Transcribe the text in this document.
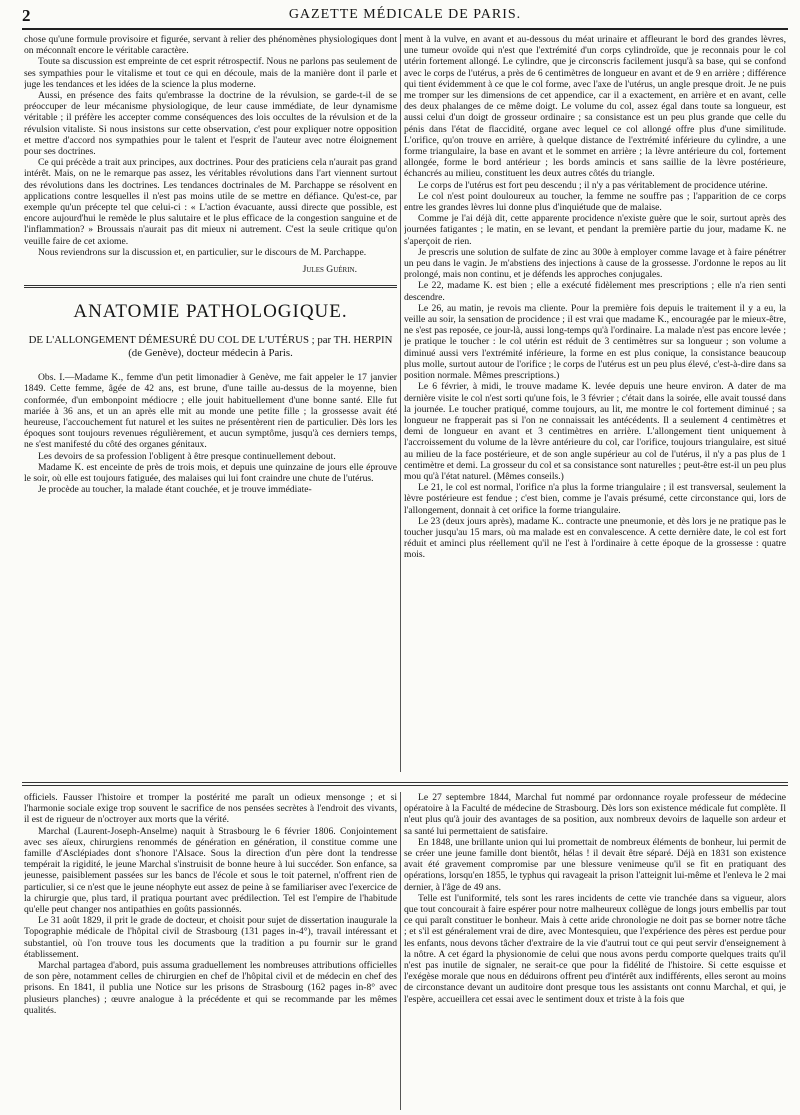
2	GAZETTE MÉDICALE DE PARIS.

chose qu'une formule provisoire et figurée, servant à relier des phénomènes physiologiques dont on méconnaît encore le véritable caractère.

Toute sa discussion est empreinte de cet esprit rétrospectif. Nous ne parlons pas seulement de ses sympathies pour le vitalisme et tout ce qui en découle, mais de la manière dont il parle et juge les tendances et les idées de la science la plus moderne.

Aussi, en présence des faits qu'embrasse la doctrine de la révulsion, se garde-t-il de se préoccuper de leur mécanisme physiologique, de leur cause immédiate, de leur dynamisme véritable ; il préfère les accepter comme conséquences des lois occultes de la révulsion et de la révulsion vitaliste. Si nous insistons sur cette observation, c'est pour expliquer notre opposition et mettre d'accord nos sympathies pour le talent et l'esprit de l'auteur avec notre éloignement pour ses doctrines.

Ce qui précède a trait aux principes, aux doctrines. Pour des praticiens cela n'aurait pas grand intérêt. Mais, on ne le remarque pas assez, les véritables révolutions dans l'art viennent surtout des révolutions dans les doctrines. Les tendances doctrinales de M. Parchappe se résolvent en applications contre lesquelles il n'est pas moins utile de se mettre en défiance. Qu'est-ce, par exemple qu'un précepte tel que celui-ci : « L'action évacuante, aussi directe que possible, est encore aujourd'hui le remède le plus salutaire et le plus efficace de la congestion sanguine et de l'inflammation? » Broussais n'aurait pas dit mieux ni autrement. C'est la seule critique qu'on veuille faire de cet axiome.

Nous reviendrons sur la discussion et, en particulier, sur le discours de M. Parchappe.

Jules Guérin.

ANATOMIE PATHOLOGIQUE.

DE L'ALLONGEMENT DÉMESURÉ DU COL DE L'UTÉRUS ; par TH. HERPIN (de Genève), docteur médecin à Paris.

Obs. I.—Madame K., femme d'un petit limonadier à Genève, me fait appeler le 17 janvier 1849. Cette femme, âgée de 42 ans, est brune, d'une taille au-dessus de la moyenne, bien conformée, d'un embonpoint médiocre ; elle jouit habituellement d'une bonne santé. Elle fut mariée à 36 ans, et un an après elle mit au monde une petite fille ; la grossesse avait été heureuse, l'accouchement fut naturel et les suites ne présentèrent rien de particulier. Dès lors les époques sont toujours revenues régulièrement, et aucun symptôme, jusqu'à ces derniers temps, ne s'est manifesté du côté des organes génitaux.

Les devoirs de sa profession l'obligent à être presque continuellement debout.

Madame K. est enceinte de près de trois mois, et depuis une quinzaine de jours elle éprouve le soir, où elle est toujours fatiguée, des malaises qui lui font craindre une chute de l'utérus.

Je procède au toucher, la malade étant couchée, et je trouve immédiate-

ment à la vulve, en avant et au-dessous du méat urinaire et affleurant le bord des grandes lèvres, une tumeur ovoïde qui n'est que l'extrémité d'un corps cylindroïde, que je reconnais pour le col utérin fortement allongé. Le cylindre, que je circonscris facilement jusqu'à sa base, qui se confond avec le corps de l'utérus, a près de 6 centimètres de longueur en avant et de 9 en arrière ; différence qui tient évidemment à ce que le col forme, avec l'axe de l'utérus, un angle presque droit. Je ne puis me tromper sur les dimensions de cet appendice, car il a exactement, en arrière et en avant, celle des deux phalanges de ce même doigt. Le volume du col, assez égal dans toute sa longueur, est aussi celui d'un doigt de grosseur ordinaire ; sa consistance est un peu plus grande que celle du pénis dans l'état de flaccidité, organe avec lequel ce col allongé offre plus d'une similitude. L'orifice, qu'on trouve en arrière, à quelque distance de l'extrémité inférieure du cylindre, a une forme triangulaire, la base en avant et le sommet en arrière ; la lèvre antérieure du col, fortement allongée, forme le bord antérieur ; les bords amincis et sans saillie de la lèvre postérieure, échancrés au milieu, constituent les deux autres côtés du triangle.

Le corps de l'utérus est fort peu descendu ; il n'y a pas véritablement de procidence utérine.

Le col n'est point douloureux au toucher, la femme ne souffre pas ; l'apparition de ce corps entre les grandes lèvres lui donne plus d'inquiétude que de malaise.

Comme je l'ai déjà dit, cette apparente procidence n'existe guère que le soir, surtout après des journées fatigantes ; le matin, en se levant, et pendant la première partie du jour, madame K. ne s'aperçoit de rien.

Je prescris une solution de sulfate de zinc au 300e à employer comme lavage et à faire pénétrer un peu dans le vagin. Je m'abstiens des injections à cause de la grossesse. J'ordonne le repos au lit prolongé, mais non continu, et je défends les approches conjugales.

Le 22, madame K. est bien ; elle a exécuté fidèlement mes prescriptions ; elle n'a rien senti descendre.

Le 26, au matin, je revois ma cliente. Pour la première fois depuis le traitement il y a eu, la veille au soir, la sensation de procidence ; il est vrai que madame K., encouragée par le mieux-être, ne s'est pas reposée, ce jour-là, aussi long-temps qu'à l'ordinaire. La malade n'est pas encore levée ; je pratique le toucher : le col utérin est réduit de 3 centimètres sur sa longueur ; son volume a diminué aussi vers l'extrémité inférieure, la forme en est plus conique, la consistance beaucoup plus molle, surtout autour de l'orifice ; le corps de l'utérus est un peu plus élevé, c'est-à-dire dans sa position normale. Mêmes prescriptions.)

Le 6 février, à midi, le trouve madame K. levée depuis une heure environ. A dater de ma dernière visite le col n'est sorti qu'une fois, le 3 février ; c'était dans la soirée, elle avait toussé dans la journée. Le toucher pratiqué, comme toujours, au lit, me montre le col fortement diminué ; sa longueur ne frapperait pas si l'on ne connaissait les antécédents. Il a seulement 4 centimètres et demi de longueur en avant et 3 centimètres en arrière. L'allongement tient uniquement à l'accroissement du volume de la lèvre antérieure du col, car l'orifice, toujours triangulaire, est situé au milieu de la face postérieure, et de son angle supérieur au col de l'utérus, il n'y a pas plus de 1 centimètre et demi. La grosseur du col et sa consistance sont naturelles ; peut-être est-il un peu plus mou qu'à l'état naturel. (Mêmes conseils.)

Le 21, le col est normal, l'orifice n'a plus la forme triangulaire ; il est transversal, seulement la lèvre postérieure est fendue ; c'est bien, comme je l'avais présumé, cette circonstance qui, lors de l'allongement, donnait à cet orifice la forme triangulaire.

Le 23 (deux jours après), madame K.. contracte une pneumonie, et dès lors je ne pratique pas le toucher jusqu'au 15 mars, où ma malade est en convalescence. A cette dernière date, le col est fort réduit et aminci plus réellement qu'il ne l'est à l'ordinaire à cette époque de la grossesse : quatre mois.

officiels. Fausser l'histoire et tromper la postérité me paraît un odieux mensonge ; et si l'harmonie sociale exige trop souvent le sacrifice de nos pensées secrètes à l'endroit des vivants, il est de rigueur de n'octroyer aux morts que la vérité.

Marchal (Laurent-Joseph-Anselme) naquit à Strasbourg le 6 février 1806. Conjointement avec ses aïeux, chirurgiens renommés de génération en génération, il constitue comme une famille d'Asclépiades dont s'honore l'Alsace. Sous la direction d'un père dont la tendresse tempérait la rigidité, le jeune Marchal s'instruisit de bonne heure à lui succéder. Son enfance, sa jeunesse, paisiblement passées sur les bancs de l'école et sous le toit paternel, n'offrent rien de particulier, si ce n'est que le jeune néophyte eut assez de peine à se familiariser avec l'exercice de la chirurgie que, plus tard, il pratiqua pourtant avec prédilection. Tel est l'empire de l'habitude qu'elle peut changer nos antipathies en goûts passionnés.

Le 31 août 1829, il prit le grade de docteur, et choisit pour sujet de dissertation inaugurale la Topographie médicale de l'hôpital civil de Strasbourg (131 pages in-4°), travail intéressant et substantiel, où l'on trouve tous les documents que la tradition a pu fournir sur le grand établissement.

Marchal partagea d'abord, puis assuma graduellement les nombreuses attributions officielles de son père, notamment celles de chirurgien en chef de l'hôpital civil et de médecin en chef des prisons. En 1841, il publia une Notice sur les prisons de Strasbourg (162 pages in-8° avec plusieurs planches) ; œuvre analogue à la précédente et qui se recommande par les mêmes qualités.

Le 27 septembre 1844, Marchal fut nommé par ordonnance royale professeur de médecine opératoire à la Faculté de médecine de Strasbourg. Dès lors son existence médicale fut complète. Il n'eut plus qu'à jouir des avantages de sa position, aux nombreux devoirs de laquelle son ardeur et sa santé lui permettaient de satisfaire.

En 1848, une brillante union qui lui promettait de nombreux éléments de bonheur, lui permit de se créer une jeune famille dont bientôt, hélas ! il devait être séparé. Déjà en 1831 son existence avait été gravement compromise par une blessure venimeuse qu'il se fit en pratiquant des opérations, lorsqu'en 1855, le typhus qui ravageait la prison l'atteignit lui-même et l'enleva le 2 mai dernier, à l'âge de 49 ans.

Telle est l'uniformité, tels sont les rares incidents de cette vie tranchée dans sa vigueur, alors que tout concourait à faire espérer pour notre malheureux collègue de longs jours embellis par tout ce qui paraît constituer le bonheur. Mais à cette aride chronologie ne doit pas se borner notre tâche ; et s'il est généralement vrai de dire, avec Montesquieu, que l'expérience des pères est perdue pour les enfants, nous devons tâcher d'extraire de la vie d'autrui tout ce qui peut servir d'enseignement à la nôtre. A cet égard la physionomie de celui que nous avons perdu comporte quelques traits qu'il n'est pas inutile de signaler, ne serait-ce que pour la fidélité de l'histoire. Si cette esquisse et l'exégèse morale que nous en déduirons offrent peu d'intérêt aux indifférents, elles seront au moins de circonstance devant un auditoire dont presque tous les assistants ont connu Marchal, et qui, je l'espère, accueillera cet essai avec le sentiment doux et triste à la fois que
